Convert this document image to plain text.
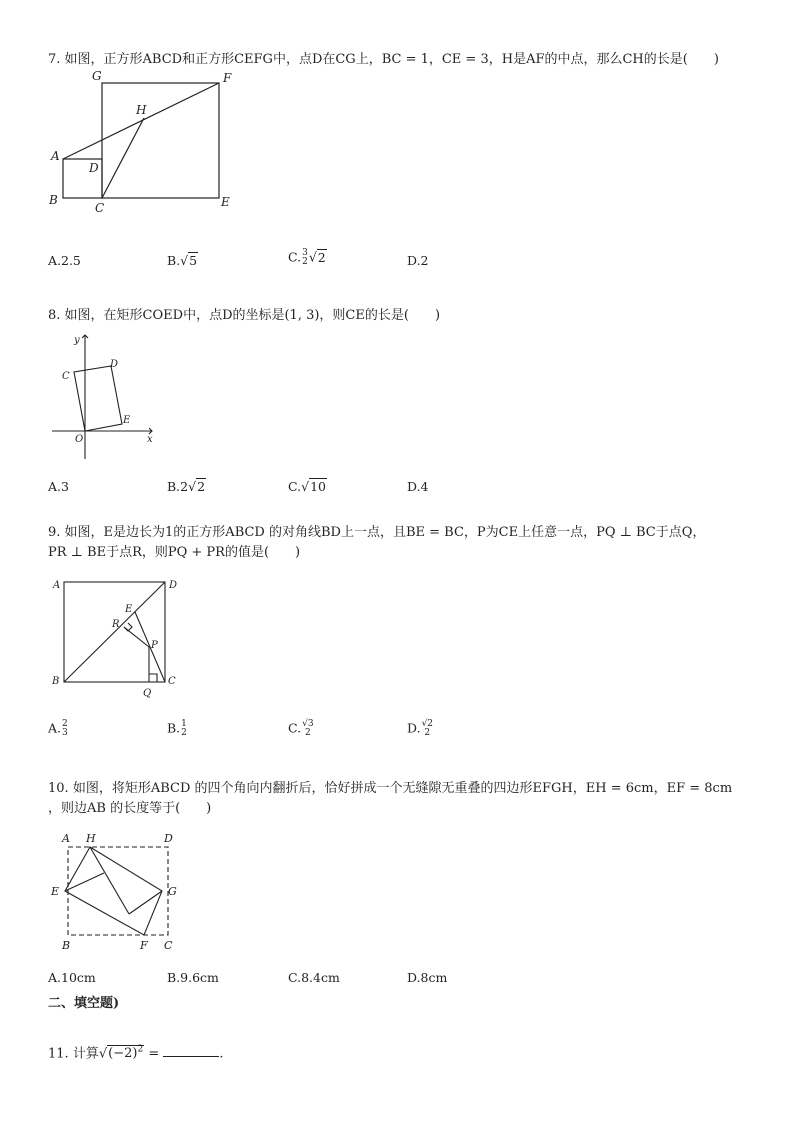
7. 如图，正方形ABCD和正方形CEFG中，点D在CG上，BC = 1，CE = 3，H是AF的中点，那么CH的长是(　　)
G	F
H
A
D
B
C	E
A.2.5	B.√5	C. 3
2 √2	D.2
8. 如图，在矩形COED中，点D的坐标是(1, 3)，则CE的长是(　　)
y
D
C
E
O	x
A.3	B.2√2	C.√10	D.4
9. 如图，E是边长为1的正方形ABCD 的对角线BD上一点，且BE = BC，P为CE上任意一点，PQ ⊥ BC于点Q，
PR ⊥ BE于点R，则PQ + PR的值是(　　)
A	D
E
R
P
B
Q
C
A. 2
3	B. 1
2	C. √3
2	D. √2
2
10. 如图，将矩形ABCD 的四个角向内翻折后，恰好拼成一个无缝隙无重叠的四边形EFGH，EH = 6cm，EF = 8cm
，则边AB 的长度等于(　　)
A H	D
E	G
B	F C
A.10cm	B.9.6cm	C.8.4cm	D.8cm
二、填空题)
11. 计算$√(-2)^2$ =	.
